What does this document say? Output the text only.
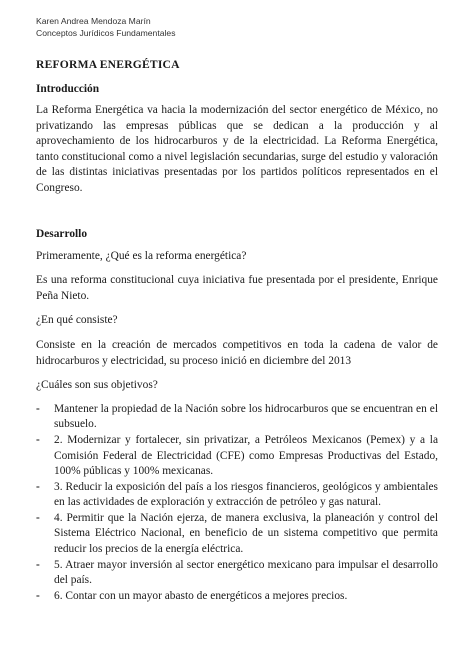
Karen Andrea Mendoza Marín
Conceptos Jurídicos Fundamentales
REFORMA ENERGÉTICA
Introducción

La Reforma Energética va hacia la modernización del sector energético de México, no privatizando las empresas públicas que se dedican a la producción y al aprovechamiento de los hidrocarburos y de la electricidad. La Reforma Energética, tanto constitucional como a nivel legislación secundarias, surge del estudio y valoración de las distintas iniciativas presentadas por los partidos políticos representados en el Congreso.

Desarrollo

Primeramente, ¿Qué es la reforma energética?

Es una reforma constitucional cuya iniciativa fue presentada por el presidente, Enrique Peña Nieto.

¿En qué consiste?

Consiste en la creación de mercados competitivos en toda la cadena de valor de hidrocarburos y electricidad, su proceso inició en diciembre del 2013

¿Cuáles son sus objetivos?

- Mantener la propiedad de la Nación sobre los hidrocarburos que se encuentran en el subsuelo.
- 2. Modernizar y fortalecer, sin privatizar, a Petróleos Mexicanos (Pemex) y a la Comisión Federal de Electricidad (CFE) como Empresas Productivas del Estado, 100% públicas y 100% mexicanas.
- 3. Reducir la exposición del país a los riesgos financieros, geológicos y ambientales en las actividades de exploración y extracción de petróleo y gas natural.
- 4. Permitir que la Nación ejerza, de manera exclusiva, la planeación y control del Sistema Eléctrico Nacional, en beneficio de un sistema competitivo que permita reducir los precios de la energía eléctrica.
- 5. Atraer mayor inversión al sector energético mexicano para impulsar el desarrollo del país.
- 6. Contar con un mayor abasto de energéticos a mejores precios.
